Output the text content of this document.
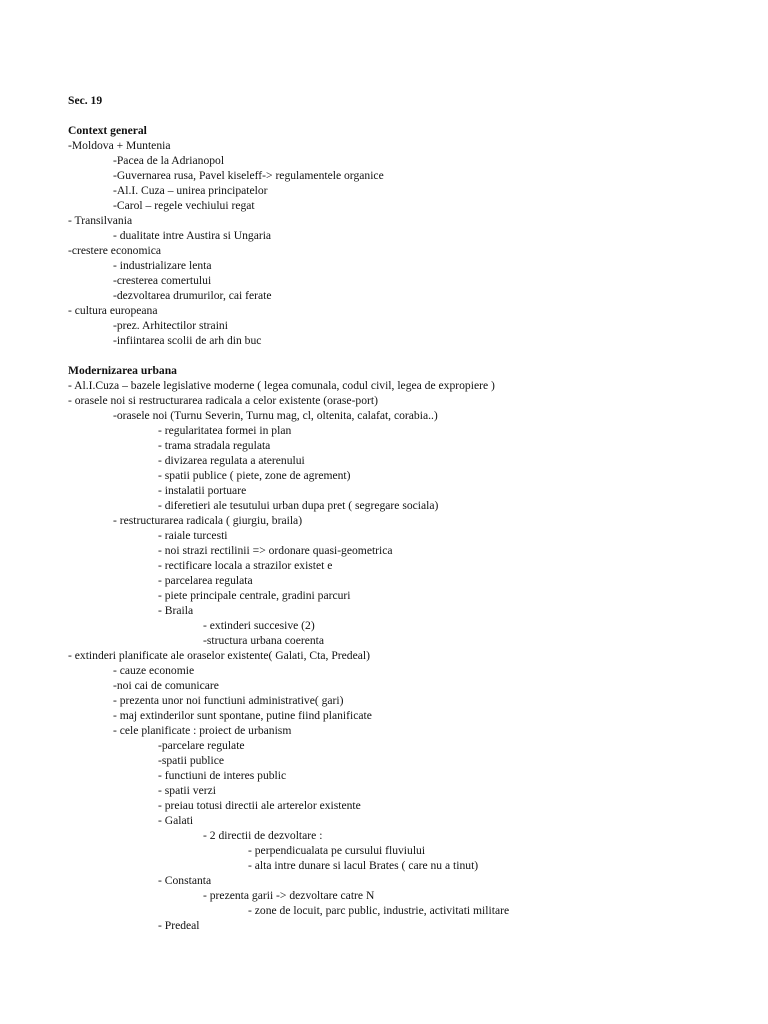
Sec. 19
Context general
-Moldova + Muntenia
-Pacea de la Adrianopol
-Guvernarea rusa, Pavel kiseleff-> regulamentele organice
-Al.I. Cuza – unirea principatelor
-Carol – regele vechiului regat
- Transilvania
- dualitate intre Austira si Ungaria
-crestere economica
- industrializare lenta
-cresterea comertului
-dezvoltarea drumurilor, cai ferate
- cultura europeana
-prez. Arhitectilor straini
-infiintarea scolii de arh din buc
Modernizarea urbana
- Al.I.Cuza – bazele legislative moderne ( legea comunala, codul civil, legea de expropiere )
- orasele noi si restructurarea radicala a celor existente (orase-port)
-orasele noi (Turnu Severin, Turnu mag, cl, oltenita, calafat, corabia..)
- regularitatea formei in plan
- trama stradala regulata
- divizarea regulata a aterenului
- spatii publice ( piete, zone de agrement)
- instalatii portuare
- diferetieri ale tesutului urban dupa pret ( segregare sociala)
- restructurarea radicala ( giurgiu, braila)
- raiale turcesti
- noi strazi rectilinii => ordonare quasi-geometrica
- rectificare locala a strazilor existet e
- parcelarea regulata
- piete principale centrale, gradini parcuri
- Braila
- extinderi succesive (2)
-structura urbana coerenta
- extinderi planificate ale oraselor existente( Galati, Cta, Predeal)
- cauze economie
-noi cai de comunicare
- prezenta unor noi functiuni administrative( gari)
- maj extinderilor sunt spontane, putine fiind planificate
- cele planificate : proiect de urbanism
-parcelare regulate
-spatii publice
- functiuni de interes public
- spatii verzi
- preiau totusi directii ale arterelor existente
- Galati
- 2 directii de dezvoltare :
- perpendicualata pe cursului fluviului
- alta intre dunare si lacul Brates ( care nu a tinut)
- Constanta
- prezenta garii -> dezvoltare catre N
- zone de locuit, parc public, industrie, activitati militare
- Predeal
